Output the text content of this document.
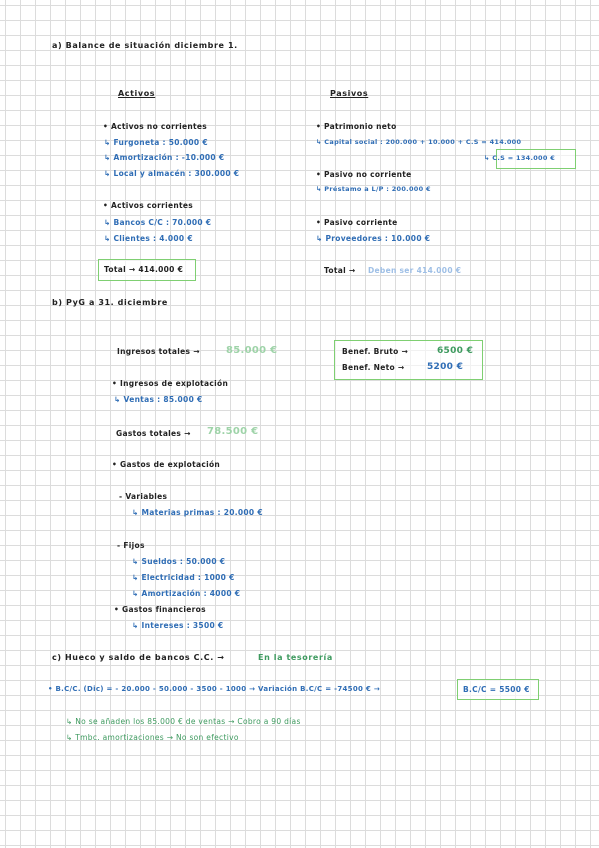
a) Balance de situación diciembre 1.
Activos
• Activos no corrientes
↳ Furgoneta : 50.000 €
↳ Amortización : -10.000 €
↳ Local y almacén : 300.000 €
• Activos corrientes
↳ Bancos C/C : 70.000 €
↳ Clientes : 4.000 €
Total → 414.000 €
Pasivos
• Patrimonio neto
↳ Capital social : 200.000 + 10.000 + C.S = 414.000
↳ C.S = 134.000 €
• Pasivo no corriente
↳ Préstamo a L/P : 200.000 €
• Pasivo corriente
↳ Proveedores : 10.000 €
Total → Deben ser 414.000 €
b) PyG a 31. diciembre
Ingresos totales →	85.000 €	Benef. Bruto →	6500 €
Benef. Neto →	5200 €
• Ingresos de explotación
↳ Ventas : 85.000 €
Gastos totales → 78.500 €
• Gastos de explotación
- Variables
↳ Materias primas : 20.000 €
- Fijos
↳ Sueldos : 50.000 €
↳ Electricidad : 1000 €
↳ Amortización : 4000 €
• Gastos financieros
↳ Intereses : 3500 €
c) Hueco y saldo de bancos C.C. →	En la tesorería
• B.C/C. (Dic) = - 20.000 - 50.000 - 3500 - 1000 → Variación B.C/C = -74500 € →	B.C/C = 5500 €
↳ No se añaden los 85.000 € de ventas → Cobro a 90 días
↳ Tmbc. amortizaciones → No son efectivo
